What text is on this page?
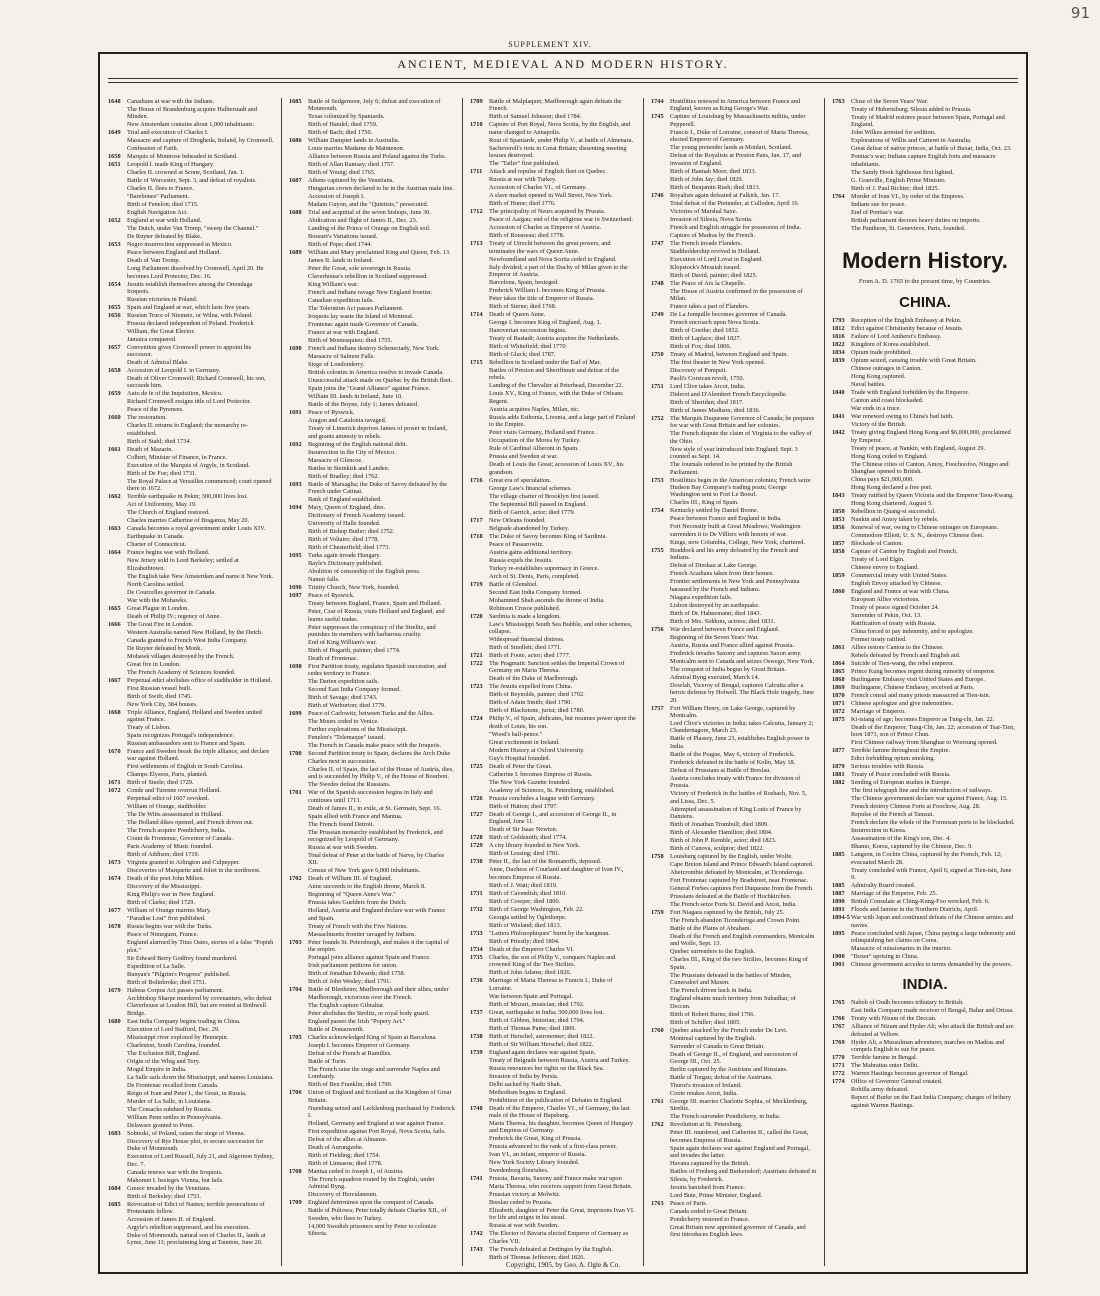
91
SUPPLEMENT XIV.
ANCIENT, MEDIEVAL AND MODERN HISTORY.
1648	Canadians at war with the Indians.
The House of Brandenburg acquire Halberstadt and Minden.
New Amsterdam contains about 1,000 inhabitants.
1649	Trial and execution of Charles I.
Massacre and capture of Drogheda, Ireland, by Cromwell.
Confession of Faith.
1650	Marquis of Montrose beheaded in Scotland.
1651	Leopold I. made King of Hungary.
Charles II. crowned at Scone, Scotland, Jan. 1.
Battle of Worcester, Sept. 3, and defeat of royalists.
Charles II. flees to France.
"Barebones" Parliament.
Birth of Fenelon; died 1715.
English Navigation Act.
1652	England at war with Holland.
The Dutch, under Van Tromp, "sweep the Channel."
De Ruyter defeated by Blake.
1653	Negro insurrection suppressed in Mexico.
Peace between England and Holland.
Death of Van Tromp.
Long Parliament dissolved by Cromwell, April 20. He becomes Lord Protector, Dec. 16.
1654	Jesuits establish themselves among the Onondaga Iroquois.
Russian victories in Poland.
1655	Spain and England at war, which lasts five years.
1656	Russian Truce of Niemetz, or Wilna, with Poland.
Prussia declared independent of Poland. Frederick William, the Great Elector.
Jamaica conquered.
1657	Convention gives Cromwell power to appoint his successor.
Death of Admiral Blake.
1658	Accession of Leopold I. in Germany.
Death of Oliver Cromwell; Richard Cromwell, his son, succeeds him.
1659	Auto de fe of the Inquisition, Mexico.
Richard Cromwell resigns title of Lord Protector.
Peace of the Pyrenees.
1660	The restoration.
Charles II. returns to England; the monarchy re-established.
Birth of Stahl; died 1734.
1661	Death of Mazarin.
Colbert, Minister of Finance, in France.
Execution of the Marquis of Argyle, in Scotland.
Birth of De Foe; died 1731.
The Royal Palace at Versailles commenced; court opened there in 1672.
1662	Terrible earthquake in Pekin; 300,000 lives lost.
Act of Uniformity, May 19.
The Church of England restored.
Charles marries Catherine of Braganza, May 20.
1663	Canada becomes a royal government under Louis XIV.
Earthquake in Canada.
Charter of Connecticut.
1664	France begins war with Holland.
New Jersey sold to Lord Berkeley; settled at Elizabethtown.
The English take New Amsterdam and name it New York.
North Carolina settled.
De Courcelles governor in Canada.
War with the Mohawks.
1665	Great Plague in London.
Death of Philip IV.; regency of Anne.
1666	The Great Fire in London.
Western Australia named New Holland, by the Dutch.
Canada granted to French West India Company.
De Ruyter defeated by Monk.
Mohawk villages destroyed by the French.
Great fire in London.
The French Academy of Sciences founded.
1667	Perpetual edict abolishes office of stadtholder in Holland.
First Russian vessel built.
Birth of Swift; died 1745.
New York City, 384 houses.
1668	Triple Alliance, England, Holland and Sweden united against France.
Treaty of Lisbon.
Spain recognizes Portugal's independence.
Russian ambassadors sent to France and Spain.
1670	France and Sweden break the triple alliance, and declare war against Holland.
First settlements of English in South Carolina.
Champs Elysees, Paris, planted.
1671	Birth of Steele; died 1729.
1672	Conde and Turenne overrun Holland.
Perpetual edict of 1667 revoked.
William of Orange, stadtholder.
The De Witts assassinated in Holland.
The Holland dikes opened, and French driven out.
The French acquire Pondicherry, India.
Count de Frontenac, Governor of Canada.
Paris Academy of Music founded.
Birth of Addison; died 1719.
1673	Virginia granted to Arlington and Culpepper.
Discoveries of Marquette and Joliet in the northwest.
1674	Death of the poet John Milton.
Discovery of the Mississippi.
King Philip's war in New England.
Birth of Clarke; died 1729.
1677	William of Orange marries Mary.
"Paradise Lost" first published.
1678	Russia begins war with the Turks.
Peace of Nimeguen, France.
England alarmed by Titus Oates, stories of a false "Popish plot."
Sir Edward Berry Godfrey found murdered.
Expedition of La Salle.
Bunyan's "Pilgrim's Progress" published.
Birth of Bolinbroke; died 1751.
1679	Habeas Corpus Act passes parliament.
Archbishop Sharpe murdered by covenanters, who defeat Claverhouse at Loudon Hill, but are routed at Bothwell Bridge.
1680	East India Company begins trading in China.
Execution of Lord Stafford, Dec. 29.
Mississippi river explored by Hennepin.
Charleston, South Carolina, founded.
The Exclusion Bill, England.
Origin of the Whig and Tory.
Mogul Empire in India.
La Salle sails down the Mississippi, and names Louisiana.
De Frontenac recalled from Canada.
Reign of Ivan and Peter I., the Great, in Russia.
Murder of La Salle, in Louisiana.
The Cossacks subdued by Russia.
William Penn settles in Pennsylvania.
Delaware granted to Penn.
1683	Sobieski, of Poland, raises the siege of Vienna.
Discovery of Rye House plot, to secure succession for Duke of Monmouth.
Execution of Lord Russell, July 21, and Algernon Sydney, Dec. 7.
Canada renews war with the Iroquois.
Mahomet I. besieges Vienna, but fails.
1684	Greece invaded by the Venetians.
Birth of Berkeley; died 1753.
1685	Revocation of Edict of Nantes; terrible persecutions of Protestants follow.
Accession of James II. of England.
Argyle's rebellion suppressed, and his execution.
Duke of Monmouth, natural son of Charles II., lands at Lyme, June 11; proclaiming king at Taunton, June 20.
1685	Battle of Sedgemoor, July 6; defeat and execution of Monmouth.
Texas colonized by Spaniards.
Birth of Handel; died 1759.
Birth of Bach; died 1750.
1686	William Dampier lands in Australia.
Louis marries Madame de Maintenon.
Alliance between Russia and Poland against the Turks.
Birth of Allan Ramsay; died 1757.
Birth of Young; died 1765.
1687	Athens captured by the Venetians.
Hungarian crown declared to be in the Austrian male line.
Accession of Joseph I.
Madam Guyon, and the "Quietists," persecuted.
1688	Trial and acquittal of the seven bishops, June 30.
Abdication and flight of James II., Dec. 23.
Landing of the Prince of Orange on English soil.
Bossuet's Variations issued.
Birth of Pope; died 1744.
1689	William and Mary proclaimed King and Queen, Feb. 13.
James II. lands in Ireland.
Peter the Great, sole sovereign in Russia.
Claverhouse's rebellion in Scotland suppressed.
King William's war.
French and Indians ravage New England frontier.
Canadian expedition fails.
The Toleration Act passes Parliament.
Iroquois lay waste the Island of Montreal.
Frontenac again made Governor of Canada.
France at war with England.
Birth of Montesquieu; died 1755.
1690	French and Indians destroy Schenectady, New York.
Massacre of Salmon Falls.
Siege of Londonderry.
British colonies in America resolve to invade Canada.
Unsuccessful attack made on Quebec by the British fleet.
Spain joins the "Grand Alliance" against France.
William III. lands in Ireland, June 10.
Battle of the Boyne, July 1; James defeated.
1691	Peace of Ryswick.
Aragon and Catalonia ravaged.
Treaty of Limerick deprives James of power in Ireland, and grants amnesty to rebels.
1692	Beginning of the English national debt.
Insurrection in the City of Mexico.
Massacre of Glencoe.
Battles in Steinkirk and Landen.
Birth of Bradley; died 1762.
1693	Battle of Marsaglia; the Duke of Savoy defeated by the French under Catinat.
Bank of England established.
1694	Mary, Queen of England, dies.
Dictionary of French Academy issued.
University of Halle founded.
Birth of Bishop Butler; died 1752.
Birth of Voltaire; died 1778.
Birth of Chesterfield; died 1773.
1695	Turks again invade Hungary.
Bayle's Dictionary published.
Abolition of censorship of the English press.
Namur falls.
1696	Trinity Church, New York, founded.
1697	Peace of Ryswick.
Treaty between England, France, Spain and Holland.
Peter, Czar of Russia, visits Holland and England, and learns useful trades.
Peter suppresses the conspiracy of the Strelitz, and punishes its members with barbarous cruelty.
End of King William's war.
Birth of Hogarth, painter; died 1774.
Death of Frontenac.
1698	First Partition treaty, regulates Spanish succession, and cedes territory to France.
The Darien expedition sails.
Second East India Company formed.
Birth of Savage; died 1743.
Birth of Warburton; died 1779.
1699	Peace of Carlowitz, between Turks and the Allies.
The Moors ceded to Venice.
Further explorations of the Mississippi.
Fenelon's "Telemaque" issued.
The French in Canada make peace with the Iroquois.
1700	Second Partition treaty to Spain, declares the Arch Duke Charles next in succession.
Charles II. of Spain, the last of the House of Austria, dies, and is succeeded by Philip V., of the House of Bourbon.
The Swedes defeat the Russians.
1701	War of the Spanish succession begins in Italy and continues until 1713.
Death of James II., in exile, at St. Germain, Sept. 16.
Spain allied with France and Mantua.
The French found Detroit.
The Prussian monarchy established by Frederick, and recognized by Leopold of Germany.
Russia at war with Sweden.
Total defeat of Peter at the battle of Narva, by Charles XII.
Census of New York gave 6,000 inhabitants.
1702	Death of William III. of England.
Anne succeeds to the English throne, March 8.
Beginning of "Queen Anne's War."
Prussia takes Guelders from the Dutch.
Holland, Austria and England declare war with France and Spain.
Treaty of French with the Five Nations.
Massachusetts frontier ravaged by Indians.
1703	Peter founds St. Petersburgh, and makes it the capital of the empire.
Portugal joins alliance against Spain and France.
Irish parliament petitions for union.
Birth of Jonathan Edwards; died 1758.
Birth of John Wesley; died 1791.
1704	Battle of Blenheim; Marlborough and their allies, under Marlborough, victorious over the French.
The English capture Gibraltar.
Peter abolishes the Strelitz, or royal body guard.
England passes the Irish "Popery Act."
Battle of Donauwerth.
1705	Charles acknowledged King of Spain at Barcelona.
Joseph I. becomes Emperor of Germany.
Defeat of the French at Ramilies.
Battle of Turin.
The French raise the siege and surrender Naples and Lombardy.
Birth of Ben Franklin; died 1790.
1706	Union of England and Scotland as the Kingdom of Great Britain.
Nuenburg seized and Lecklenburg purchased by Frederick I.
Holland, Germany and England at war against France.
First expedition against Port Royal, Nova Scotia, fails.
Defeat of the allies at Almanze.
Death of Aurungzebe.
Birth of Fielding; died 1754.
Birth of Linnaeus; died 1778.
1708	Mantua ceded to Joseph I., of Austria.
The French squadron routed by the English, under Admiral Byng.
Discovery of Herculaneum.
1709	England determines upon the conquest of Canada.
Battle of Pultowa; Peter totally defeats Charles XII., of Sweden, who flees to Turkey.
14,000 Swedish prisoners sent by Peter to colonize Siberia.
1709	Battle of Malplaquet; Marlborough again defeats the French.
Birth of Samuel Johnson; died 1784.
1710	Capture of Port Royal, Nova Scotia, by the English, and name changed to Annapolis.
Rout of Spaniards, under Philip V., at battle of Almenara.
Sacheverell's riots in Great Britain; dissenting meeting houses destroyed.
The "Tatler" first published.
1711	Attack and repulse of English fleet on Quebec.
Russia at war with Turkey.
Accession of Charles VI., of Germany.
A slave market opened in Wall Street, New York.
Birth of Hume; died 1776.
1712	The principality of Neurs acquired by Prussia.
Peace of Aargau; end of the religious war in Switzerland.
Accession of Charles as Emperor of Austria.
Birth of Rousseau; died 1778.
1713	Treaty of Utrecht between the great powers, and terminates the wars of Queen Anne.
Newfoundland and Nova Scotia ceded to England.
Italy divided; a part of the Duchy of Milan given to the Emperor of Austria.
Barcelona, Spain, besieged.
Frederick William I. becomes King of Prussia.
Peter takes the title of Emperor of Russia.
Birth of Sterne; died 1768.
1714	Death of Queen Anne.
George I. becomes King of England, Aug. 1.
Hanoverian succession begins.
Treaty of Rastadt; Austria acquires the Netherlands.
Birth of Whitefield; died 1770.
Birth of Gluck; died 1787.
1715	Rebellion in Scotland under the Earl of Mar.
Battles of Preston and Sheriffmuir and defeat of the rebels.
Landing of the Chevalier at Peterhead, December 22.
Louis XV., King of France, with the Duke of Orleans Regent.
Austria acquires Naples, Milan, etc.
Russia adds Esthonia, Livonia, and a large part of Finland to the Empire.
Peter visits Germany, Holland and France.
Occupation of the Morea by Turkey.
Rule of Cardinal Alberoni in Spain.
Prussia and Sweden at war.
Death of Louis the Great; accession of Louis XV., his grandson.
1716	Great era of speculation.
George Law's financial schemes.
The village charter of Brooklyn first issued.
The Septennial Bill passed in England.
Birth of Garrick, actor; died 1779.
1717	New Orleans founded.
Belgrade abandoned by Turkey.
1718	The Duke of Savoy becomes King of Sardinia.
Peace of Passarowitz.
Austria gains additional territory.
Russia expels the Jesuits.
Turkey re-establishes supremacy in Greece.
Arch of St. Denis, Paris, completed.
1719	Battle of Glenshiel.
Second East India Company formed.
Mohammed Shah ascends the throne of India.
Robinson Crusoe published.
1720	Sardinia is made a kingdom.
Law's Mississippi South Sea Bubble, and other schemes, collapse.
Widespread financial distress.
Birth of Smollett; died 1771.
1721	Birth of Foote, actor; died 1777.
1722	The Pragmatic Sanction settles the Imperial Crown of Germany on Maria Theresa.
Death of the Duke of Marlborough.
1723	The Jesuits expelled from China.
Birth of Reynolds, painter; died 1792.
Birth of Adam Smith; died 1790.
Birth of Blackstone, jurist; died 1780.
1724	Philip V., of Spain, abdicates, but resumes power upon the death of Louis, his son.
"Wood's half-pence."
Great excitement in Ireland.
Modern History at Oxford University.
Guy's Hospital founded.
1725	Death of Peter the Great.
Catherine I. becomes Empress of Russia.
The New York Gazette founded.
Academy of Sciences, St. Petersburg, established.
1726	Prussia concludes a league with Germany.
Birth of Hutton; died 1797.
1727	Death of George I., and accession of George II., in England, June 11.
Death of Sir Isaac Newton.
1728	Birth of Goldsmith; died 1774.
1729	A city library founded in New York.
Birth of Lessing; died 1781.
1730	Peter II., the last of the Romanoffs, deposed.
Anne, Duchess of Courland and daughter of Ivan IV., becomes Empress of Russia.
Birth of J. Watt; died 1819.
1731	Birth of Cavendish; died 1810.
Birth of Cowper; died 1800.
1732	Birth of George Washington, Feb. 22.
Georgia settled by Oglethorpe.
Birth of Wieland; died 1813.
1733	"Letters Philosophiques" burnt by the hangman.
Birth of Priestly; died 1804.
1734	Death of the Emperor Charles VI.
1735	Charles, the son of Philip V., conquers Naples and crowned King of the Two Sicilies.
Birth of John Adams; died 1826.
1736	Marriage of Maria Theresa to Francis I., Duke of Lorraine.
War between Spain and Portugal.
Birth of Mozart, musician; died 1792.
1737	Great, earthquake in India; 300,000 lives lost.
Birth of Gibbon, historian; died 1794.
Birth of Thomas Paine; died 1809.
1738	Birth of Herschel, astronomer; died 1822.
Birth of Sir William Herschel; died 1822.
1739	England again declares war against Spain.
Treaty of Belgrade between Russia, Austria and Turkey.
Russia renounces her rights on the Black Sea.
Invasion of India by Persia.
Delhi sacked by Nadir Shah.
Methodism begins in England.
Prohibition of the publication of Debates in England.
1740	Death of the Emperor, Charles VI., of Germany, the last male of the House of Hapsburg.
Maria Theresa, his daughter, becomes Queen of Hungary and Empress of Germany.
Frederick the Great, King of Prussia.
Prussia advanced to the rank of a first-class power.
Ivan VI., an infant, emperor of Russia.
New York Society Library founded.
Swedenborg flourishes.
1741	Prussia, Bavaria, Saxony and France make war upon Maria Theresa, who receives support from Great Britain.
Prussian victory at Molwitz.
Breslau ceded to Prussia.
Elizabeth, daughter of Peter the Great, imprisons Ivan VI. for life and reigns in his stead.
Russia at war with Sweden.
1742	The Elector of Bavaria elected Emperor of Germany as Charles VII.
1743	The French defeated at Dettingen by the English.
Birth of Thomas Jefferson; died 1826.
1744	Hostilities renewed in America between France and England, known as King George's War.
1745	Capture of Louisburg by Massachusetts militia, under Pepperell.
Francis I., Duke of Lorraine, consort of Maria Theresa, elected Emperor of Germany.
The young pretender lands at Moidart, Scotland.
Defeat of the Royalists at Preston Pans, Jan. 17, and invasion of England.
Birth of Hannah More; died 1833.
Birth of John Jay; died 1829.
Birth of Benjamin Rush; died 1813.
1746	Royalists again defeated at Falkirk, Jan. 17.
Total defeat of the Pretender, at Culloden, April 16.
Victories of Marshal Saxe.
Invasion of Silesia, Nova Scotia.
French and English struggle for possession of India.
Capture of Madras by the French.
1747	The French invade Flanders.
Stadtholdership revived in Holland.
Execution of Lord Lovat in England.
Klopstock's Messiah issued.
Birth of David, painter; died 1825.
1748	The Peace of Aix la Chapelle.
The House of Austria confirmed in the possession of Milan.
France takes a part of Flanders.
1749	De La Jonquille becomes governor of Canada.
French encroach upon Nova Scotia.
Birth of Goethe; died 1832.
Birth of Laplace; died 1827.
Birth of Fox; died 1806.
1750	Treaty of Madrid, between England and Spain.
The first theater in New York opened.
Discovery of Pompeii.
Paoli's Corsican revolt, 1750.
1751	Lord Clive takes Arcot, India.
Diderot and D'Alembert French Encyclopedie.
Birth of Sheridan; died 1817.
Birth of James Madison; died 1836.
1752	The Marquis Duquesne Governor of Canada; he prepares for war with Great Britain and her colonies.
The French dispute the claim of Virginia to the valley of the Ohio.
New style of year introduced into England; Sept. 3 counted as Sept. 14.
The Journals ordered to be printed by the British Parliament.
1753	Hostilities begin in the American colonies; French seize Hudson Bay Company's trading posts; George Washington sent to Fort Le Boeuf.
Charles III., King of Spain.
1754	Kentucky settled by Daniel Boone.
Peace between France and England in India.
Fort Necessity built at Great Meadows; Washington surrenders it to De Villiers with honors of war.
Kings, now Columbia, College, New York, chartered.
1755	Braddock and his army defeated by the French and Indians.
Defeat of Dieskau at Lake George.
French Acadians taken from their homes.
Frontier settlements in New York and Pennsylvania harassed by the French and Indians.
Niagara expedition fails.
Lisbon destroyed by an earthquake.
Birth of Dr. Hahnemann; died 1843.
Birth of Mrs. Siddons, actress; died 1831.
1756	War declared between France and England.
Beginning of the Seven Years' War.
Austria, Russia and France allied against Prussia.
Frederick invades Saxony and captures Saxon army.
Montcalm sent to Canada and seizes Oswego, New York.
The conquest of India begun by Great Britain.
Admiral Byng executed, March 14.
Dowlah, Viceroy of Bengal, captures Calcutta after a heroic defense by Holwell. The Black Hole tragedy, June 20.
1757	Fort William Henry, on Lake George, captured by Montcalm.
Lord Clive's victories in India; takes Calcutta, January 2; Chandernagore, March 23.
Battle of Plassey, June 23, establishes English power in India.
Battle of the Prague, May 6, victory of Frederick.
Frederick defeated in the battle of Kolin, May 18.
Defeat of Prussians at Battle of Breslau.
Austria concludes treaty with France for division of Prussia.
Victory of Frederick in the battles of Rosbach, Nov. 5, and Lissa, Dec. 5.
Attempted assassination of King Louis of France by Damiens.
Birth of Jonathan Trumbull; died 1809.
Birth of Alexander Hamilton; died 1804.
Birth of John P. Kemble, actor; died 1823.
Birth of Canova, sculptor; died 1822.
1758	Louisburg captured by the English, under Wolfe.
Cape Breton Island and Prince Edward's Island captured.
Abercrombie defeated by Montcalm, at Ticonderoga.
Fort Frontenac captured by Bradstreet, near Frontenac.
General Forbes captures Fort Duquesne from the French.
Prussians defeated at the Battle of Hochkirchen.
The French seize Forts St. David and Arcot, India.
1759	Fort Niagara captured by the British, July 25.
The French abandon Ticonderoga and Crown Point.
Battle of the Plains of Abraham.
Death of the French and English commanders, Montcalm and Wolfe, Sept. 13.
Quebec surrenders to the English.
Charles III., King of the two Sicilies, becomes King of Spain.
The Prussians defeated in the battles of Minden, Cunersdorf and Maxen.
The French driven back in India.
England obtains much territory from Subadhar, of Deccan.
Birth of Robert Burns; died 1796.
Birth of Schiller; died 1805.
1760	Quebec attacked by the French under De Levi.
Montreal captured by the English.
Surrender of Canada to Great Britain.
Death of George II., of England, and succession of George III., Oct. 25.
Berlin captured by the Austrians and Russians.
Battle of Torgau; defeat of the Austrians.
Thurot's invasion of Ireland.
Coote retakes Arcot, India.
1761	George III. marries Charlotte Sophia, of Mecklenburg, Strelitz.
The French surrender Pondicherry, in India.
1762	Revolution at St. Petersburg.
Peter III. murdered, and Catherine II., called the Great, becomes Empress of Russia.
Spain again declares war against England and Portugal, and invades the latter.
Havana captured by the British.
Battles of Freiberg and Burkersdorf; Austrians defeated in Silesia, by Frederick.
Jesuits banished from France.
Lord Bute, Prime Minister, England.
1763	Peace of Paris.
Canada ceded to Great Britain.
Pondicherry restored to France.
Great Britain now appointed governor of Canada, and first introduces English laws.
1763	Close of the Seven Years' War.
Treaty of Hubertsburg; Silesia added to Prussia.
Treaty of Madrid restores peace between Spain, Portugal and England.
John Wilkes arrested for sedition.
Explorations of Willis and Carteret in Australia.
Great defeat of native princes, at battle of Buxar, India, Oct. 23.
Pontiac's war; Indians capture English forts and massacre inhabitants.
The Sandy Hook lighthouse first lighted.
G. Granville, English Prime Minister.
Birth of J. Paul Richter; died 1825.
1764	Murder of Ivan VI., by order of the Empress.
Indians sue for peace.
End of Pontiac's war.
British parliament decrees heavy duties on imports.
The Pantheon, St. Genevieve, Paris, founded.
Modern History.
From A. D. 1765 to the present time, by Countries.
CHINA.
1793	Reception of the English Embassy at Pekin.
1812	Edict against Christianity because of Jesuits.
1816	Failure of Lord Amherst's Embassy.
1822	Kingdom of Korea established.
1834	Opium trade prohibited.
1839	Opium seized, causing trouble with Great Britain.
Chinese outrages in Canton.
Hong Kong captured.
Naval battles.
1840	Trade with England forbidden by the Emperor.
Canton and coast blockaded.
War ends in a truce.
1841	War renewed owing to China's bad faith.
Victory of the British.
1842	Treaty giving England Hong Kong and $6,000,000, proclaimed by Emperor.
Treaty of peace, at Nankin, with England, August 29.
Hong Kong ceded to England.
The Chinese cities of Canton, Amoy, Foochoofoo, Ningpo and Shanghae opened to British.
China pays $21,000,000.
Hong Kong declared a free port.
1843	Treaty ratified by Queen Victoria and the Emperor Taou-Kwang.
Hong Kong chartered, August 5.
1850	Rebellion in Quang-si successful.
1853	Nankin and Amoy taken by rebels.
1856	Renewal of war, owing to Chinese outrages on Europeans.
Commodore Elliott, U. S. N., destroys Chinese fleet.
1857	Blockade of Canton.
1858	Capture of Canton by English and French.
Treaty of Lord Elgin.
Chinese envoy to England.
1859	Commercial treaty with United States.
English Envoy attacked by Chinese.
1860	England and France at war with China.
European Allies victorious.
Treaty of peace signed October 24.
Surrender of Pekin, Oct. 13.
Ratification of treaty with Russia.
China forced to pay indemnity, and to apologize.
Former treaty ratified.
1861	Allies restore Canton to the Chinese.
Rebels defeated by French and English aid.
1864	Suicide of Tien-wang, the rebel emperor.
1865	Prince Kung becomes regent during minority of emperor.
1868	Burlingame Embassy visit United States and Europe.
1869	Burlingame, Chinese Embassy, received at Paris.
1870	French consul and many priests massacred at Tien-tsin.
1871	Chinese apologize and give indemnities.
1872	Marriage of Emperor.
1875	Ki-tsiang of age; becomes Emperor as Tung-chi, Jan. 22.
Death of the Emperor, Tung-Chi, Jan. 22; accession of Tsai-Tien, born 1871, son of Prince Chun.
First Chinese railway from Shanghae to Woosung opened.
1877	Terrible famine throughout the Empire.
Edict forbidding opium smoking.
1879	Serious troubles with Russia.
1881	Treaty of Peace concluded with Russia.
1882	Sending of European studies in Europe.
The first telegraph line and the introduction of railways.
The Chinese government declare war against France, Aug. 15.
French destroy Chinese Forts at Foochow, Aug. 28.
Repulse of the French at Tamsui.
French declare the whole of the Formosan ports to be blockaded.
Insurrection in Korea.
Assassination of the King's son, Dec. 4.
Bhamo, Korea, captured by the Chinese, Dec. 9.
1885	Langson, in Cochin China, captured by the French, Feb. 12; evacuated March 28.
Treaty concluded with France, April 6; signed at Tien-tsin, June 9.
1885	Admiralty Board created.
1887	Marriage of the Emperor, Feb. 25.
1890	British Consulate at Ching-Kung-Foo wrecked, Feb. 6.
1891	Floods and famine in the Northern Districts, April.
1894-5 War with Japan and continued defeats of the Chinese armies and navies.
1895	Peace concluded with Japan, China paying a large indemnity and relinquishing her claims on Corea.
Massacre of missionaries in the interior.
1900	"Boxer" uprising in China.
1901	Chinese government accedes to terms demanded by the powers.
INDIA.
1765	Nabob of Oudh becomes tributary to British.
East India Company made receiver of Bengal, Bahar and Orissa.
1766	Treaty with Nizam of the Deccan.
1767	Alliance of Nizam and Hyder Ali; who attack the British and are defeated at Vellore.
1769	Hyder Ali, a Mussulman adventurer, marches on Madras and compels English to sue for peace.
1770	Terrible famine in Bengal.
1771	The Mahrattas enter Delhi.
1772	Warren Hastings becomes governor of Bengal.
1774	Office of Governor General created.
Rohilla army defeated.
Report of Burke on the East India Company; charges of bribery against Warren Hastings.
Copyright, 1905, by Geo. A. Ogle & Co.
